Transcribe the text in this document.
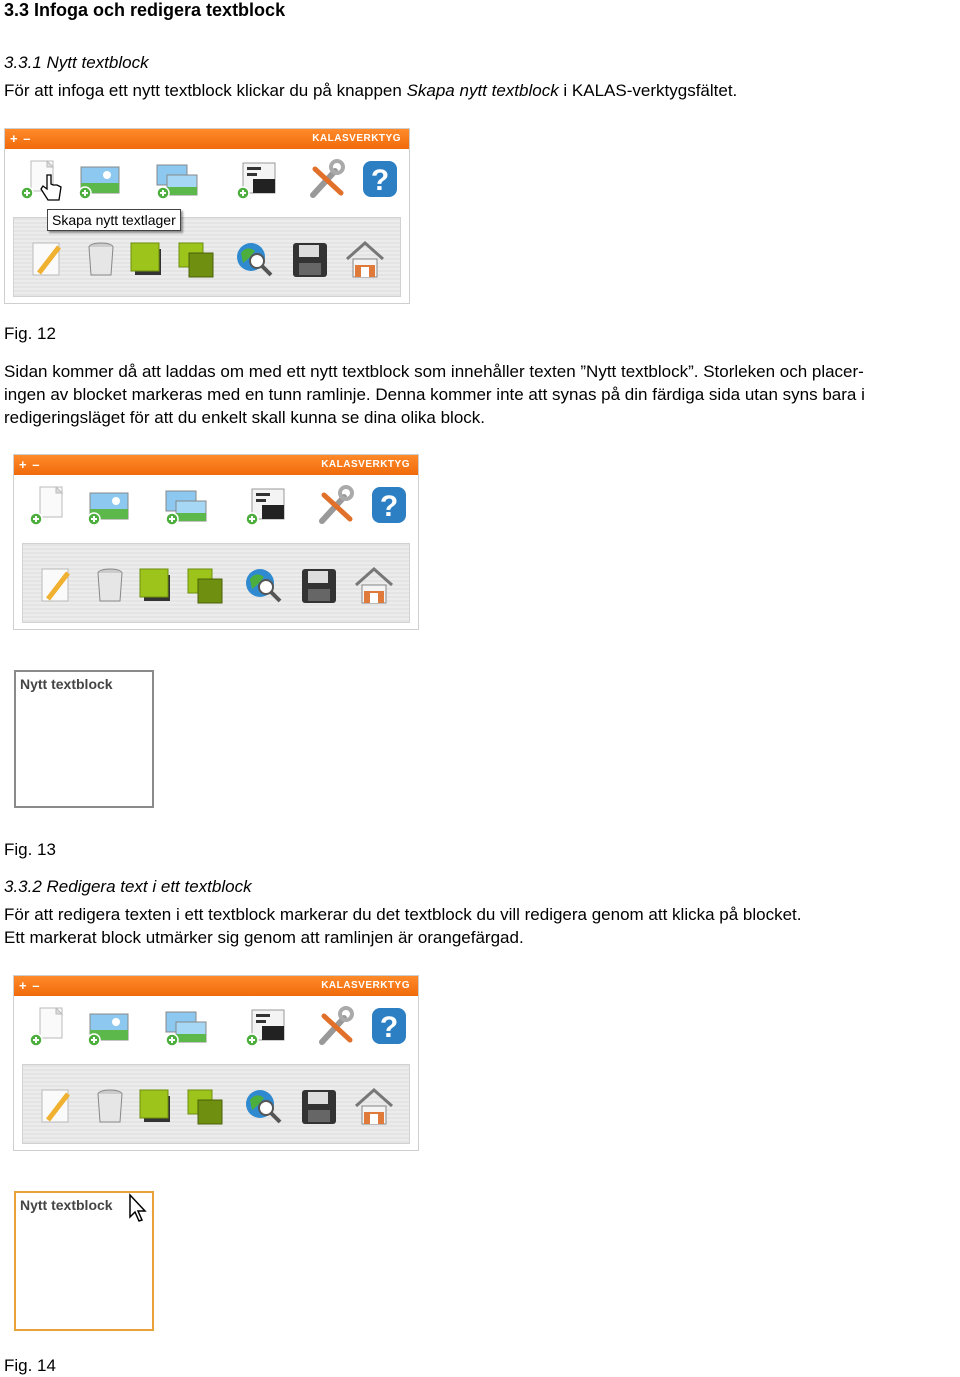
3.3 Infoga och redigera textblock
3.3.1 Nytt textblock
För att infoga ett nytt textblock klickar du på knappen Skapa nytt textblock i KALAS-verktygsfältet.
+ –	KALASVERKTYG
?
Skapa nytt textlager
Fig. 12
Sidan kommer då att laddas om med ett nytt textblock som innehåller texten ”Nytt textblock”. Storleken och placer-
ingen av blocket markeras med en tunn ramlinje. Denna kommer inte att synas på din färdiga sida utan syns bara i
redigeringsläget för att du enkelt skall kunna se dina olika block.
+ –	KALASVERKTYG
?
Nytt textblock
Fig. 13
3.3.2 Redigera text i ett textblock
För att redigera texten i ett textblock markerar du det textblock du vill redigera genom att klicka på blocket.
Ett markerat block utmärker sig genom att ramlinjen är orangefärgad.
+ –	KALASVERKTYG
?
Nytt textblock
Fig. 14
